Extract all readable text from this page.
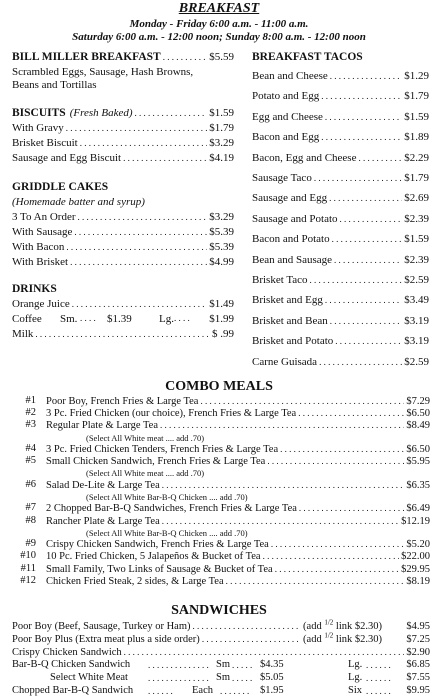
BREAKFAST
Monday - Friday 6:00 a.m. - 11:00 a.m.
Saturday 6:00 a.m. - 12:00 noon; Sunday 8:00 a.m. - 12:00 noon
BILL MILLER BREAKFAST . . .	$5.59
Scrambled Eggs, Sausage, Hash Browns,
Beans and Tortillas
BISCUITS (Fresh Baked) . . .	$1.59
With Gravy . . .	$1.79
Brisket Biscuit . . .	$3.29
Sausage and Egg Biscuit . . .	$4.19
GRIDDLE CAKES
(Homemade batter and syrup)
3 To An Order . . .	$3.29
With Sausage . . .	$5.39
With Bacon . . .	$5.39
With Brisket . . .	$4.99
DRINKS
Orange Juice . . .	$1.49
Coffee Sm. . . . . $1.39 Lg. . . . . $1.99
Milk . . .	$ .99
BREAKFAST TACOS
Bean and Cheese . . .	$1.29
Potato and Egg . . .	$1.79
Egg and Cheese . . .	$1.59
Bacon and Egg . . .	$1.89
Bacon, Egg and Cheese . . .	$2.29
Sausage Taco . . .	$1.79
Sausage and Egg . . .	$2.69
Sausage and Potato . . .	$2.39
Bacon and Potato . . .	$1.59
Bean and Sausage . . .	$2.39
Brisket Taco . . .	$2.59
Brisket and Egg . . .	$3.49
Brisket and Bean . . .	$3.19
Brisket and Potato . . .	$3.19
Carne Guisada . . .	$2.59
COMBO MEALS
#1 Poor Boy, French Fries & Large Tea . . .	$7.29
#2 3 Pc. Fried Chicken (our choice), French Fries & Large Tea . . .	$6.50
#3 Regular Plate & Large Tea . . .	$8.49
(Select All White meat .... add .70)
#4 3 Pc. Fried Chicken Tenders, French Fries & Large Tea . . .	$6.50
#5 Small Chicken Sandwich, French Fries & Large Tea . . .	$5.95
(Select All White meat .... add .70)
#6 Salad De-Lite & Large Tea . . .	$6.35
(Select All White Bar-B-Q Chicken .... add .70)
#7 2 Chopped Bar-B-Q Sandwiches, French Fries & Large Tea . . .	$6.49
#8 Rancher Plate & Large Tea . . .	$12.19
(Select All White Bar-B-Q Chicken .... add .70)
#9 Crispy Chicken Sandwich, French Fries & Large Tea . . .	$5.20
#10 10 Pc. Fried Chicken, 5 Jalapeños & Bucket of Tea . . .	$22.00
#11 Small Family, Two Links of Sausage & Bucket of Tea . . .	$29.95
#12 Chicken Fried Steak, 2 sides, & Large Tea . . .	$8.19
SANDWICHES
Poor Boy (Beef, Sausage, Turkey or Ham) . . .	(add $^{1/2}$ link $2.30)	$4.95
Poor Boy Plus (Extra meat plus a side order) . . .	(add $^{1/2}$ link $2.30)	$7.25
Crispy Chicken Sandwich . . .	$2.90
Bar-B-Q Chicken Sandwich . . . . . . . . . . . . . . Sm . . . . . $4.35	Lg. . . . . . . $6.85
Select White Meat . . . . . . . . . . . . . . Sm . . . . . $5.05	Lg. . . . . . . $7.55
Chopped Bar-B-Q Sandwich . . . . . . Each . . . . . . . $1.95	Six . . . . . . $9.95
